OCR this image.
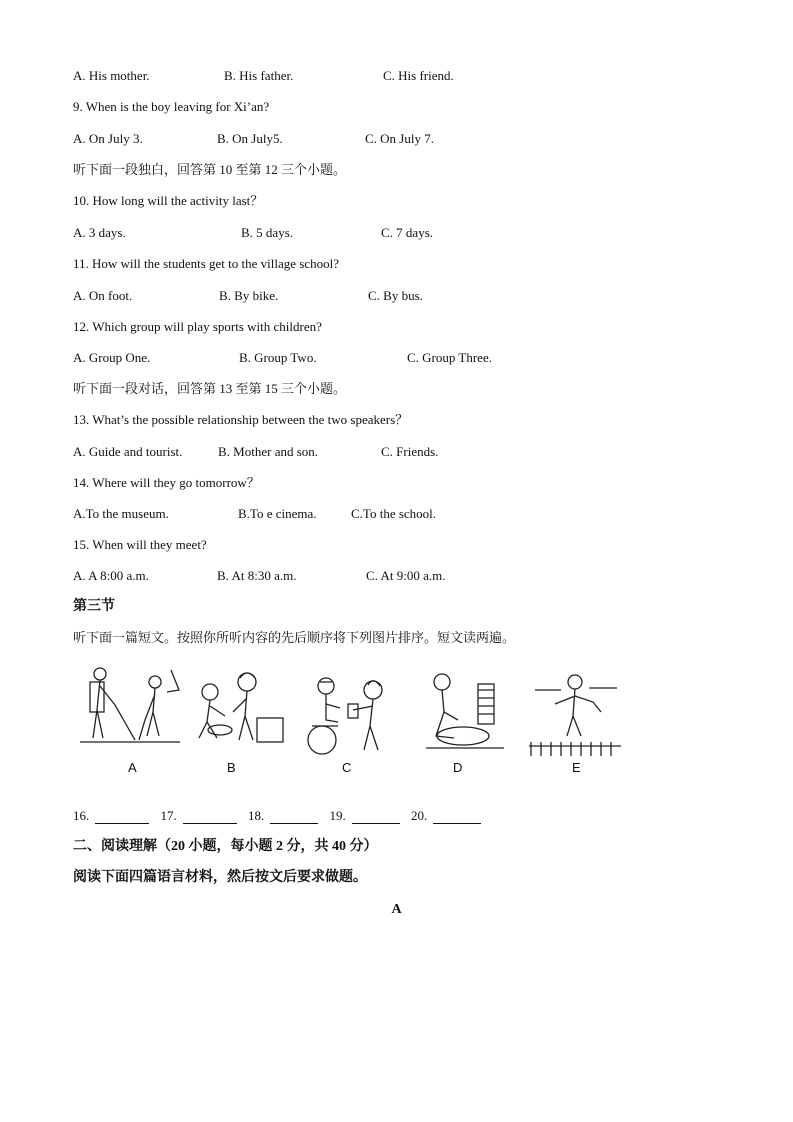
A. His mother.	B. His father.	C. His friend.
9. When is the boy leaving for Xi’an?
A. On July 3.	B. On July5.	C. On July 7.
听下面一段独白，回答第 10 至第 12 三个小题。
10. How long will the activity last？
A. 3 days.	B. 5 days.	C. 7 days.
11. How will the students get to the village school?
A. On foot.	B. By bike.	C. By bus.
12. Which group will play sports with children?
A. Group One.	B. Group Two.	C. Group Three.
听下面一段对话，回答第 13 至第 15 三个小题。
13. What’s the possible relationship between the two speakers？
A. Guide and tourist.	B. Mother and son.	C. Friends.
14. Where will they go tomorrow？
A.To the museum.	B.To e cinema.	C.To the school.
15. When will they meet?
A. A 8:00 a.m.	B. At 8:30 a.m.	C. At 9:00 a.m.
第三节
听下面一篇短文。按照你所听内容的先后顺序将下列图片排序。短文读两遍。
A	B	C	D	E
16.	17.	18.	19.	20.
二、阅读理解（20 小题，每小题 2 分，共 40 分）
阅读下面四篇语言材料，然后按文后要求做题。
A
